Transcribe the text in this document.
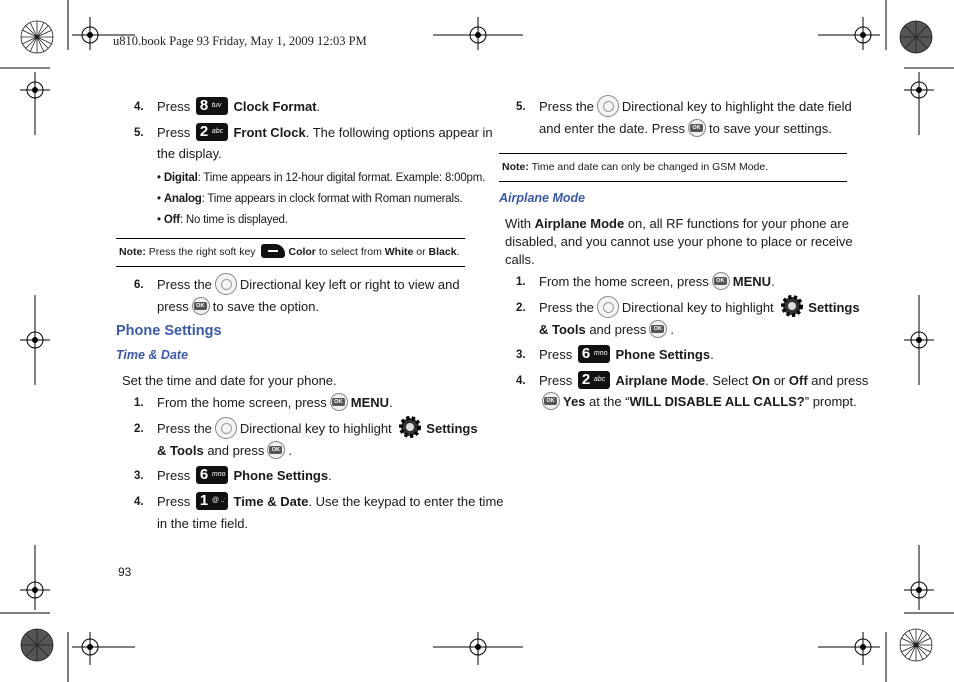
u810.book Page 93 Friday, May 1, 2009 12:03 PM
4. Press 8 tuv Clock Format.
5. Press 2 abc Front Clock. The following options appear in
the display.
• Digital: Time appears in 12-hour digital format. Example: 8:00pm.
• Analog: Time appears in clock format with Roman numerals.
• Off: No time is displayed.
Note: Press the right soft key	Color to select from White or Black.
6. Press the Directional key left or right to view and
press	OK to save the option.
Phone Settings
Time & Date
Set the time and date for your phone.
1. From the home screen, press	OK MENU.
2. Press the Directional key to highlight	Settings
& Tools and press	OK .
3. Press 6 mno Phone Settings.
4. Press 1 @ .: Time & Date. Use the keypad to enter the time
in the time field.
5. Press the Directional key to highlight the date field
and enter the date. Press	OK to save your settings.
Note: Time and date can only be changed in GSM Mode.
Airplane Mode
With Airplane Mode on, all RF functions for your phone are
disabled, and you cannot use your phone to place or receive
calls.
1. From the home screen, press	OK MENU.
2. Press the Directional key to highlight	Settings
& Tools and press	OK .
3. Press 6 mno Phone Settings.
4. Press 2 abc Airplane Mode. Select On or Off and press
OK Yes at the “WILL DISABLE ALL CALLS?” prompt.
93
